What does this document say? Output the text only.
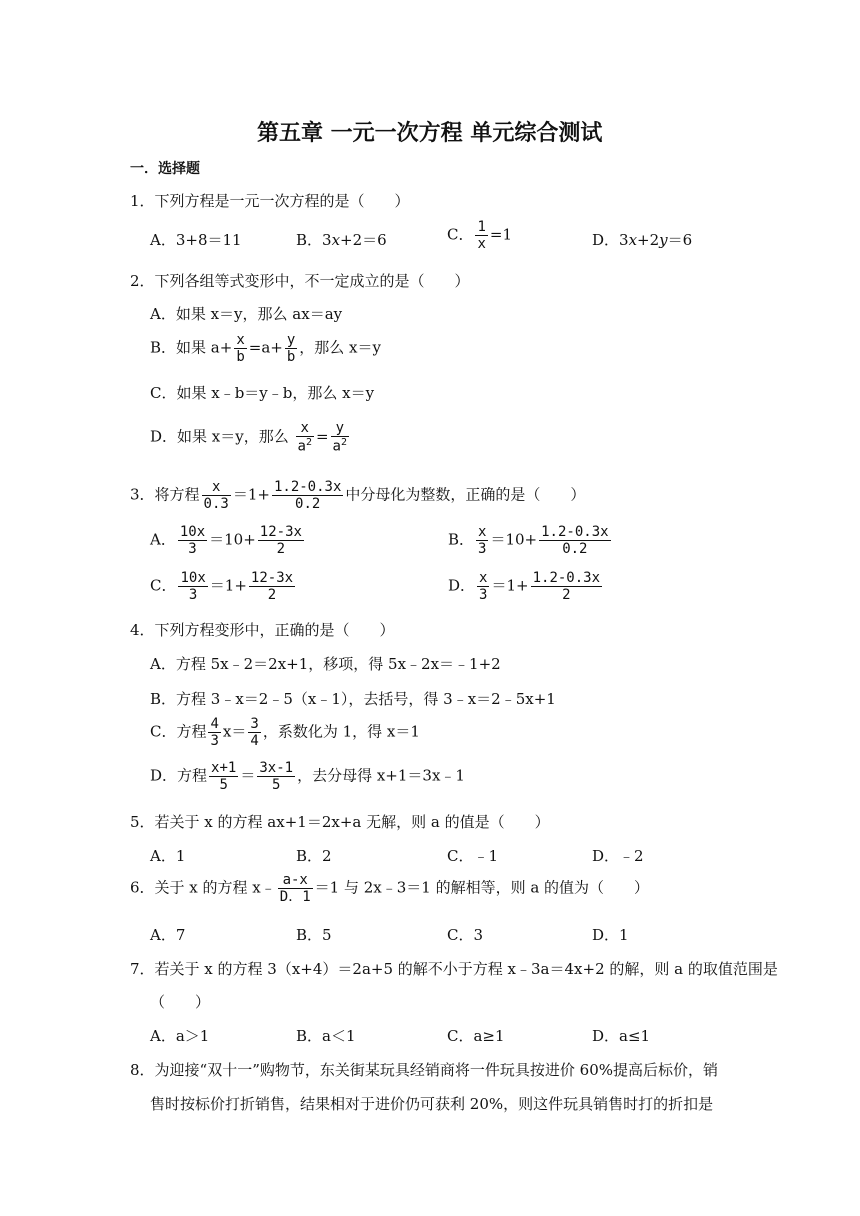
第五章 一元一次方程 单元综合测试
一．选择题
1．下列方程是一元一次方程的是（　　）
A．3+8＝11	B．3x+2＝6	C． $\frac{1}{x} =1$	D．3x+2y＝6
2．下列各组等式变形中，不一定成立的是（　　）
A．如果 x＝y，那么 ax＝ay
B．如果 $a+ \frac{x}{b} =a+ \frac{y}{b}$ ，那么 x＝y
C．如果 x﹣b＝y﹣b，那么 x＝y
D．如果 x＝y，那么 $\frac{x}{a^2} = \frac{y}{a^2}$
3．将方程 $\frac{x}{0.3} =1+ \frac{1.2-0.3x}{0.2}$ 中分母化为整数，正确的是（　　）
A． $\frac{10x}{3} =10+ \frac{12-3x}{2}$	B． $\frac{x}{3} =10+ \frac{1.2-0.3x}{0.2}$
C． $\frac{10x}{3} =1+ \frac{12-3x}{2}$	D． $\frac{x}{3} =1+ \frac{1.2-0.3x}{2}$
4．下列方程变形中，正确的是（　　）
A．方程 5x﹣2＝2x+1，移项，得 5x﹣2x＝﹣1+2
B．方程 3﹣x＝2﹣5（x﹣1），去括号，得 3﹣x＝2﹣5x+1
C．方程 $\frac{4}{3} x= \frac{3}{4}$ ，系数化为 1，得 x＝1
D．方程 $\frac{x+1}{5} = \frac{3x-1}{5}$ ，去分母得 x+1＝3x﹣1
5．若关于 x 的方程 ax+1＝2x+a 无解，则 a 的值是（　　）
A．1	B．2	C．﹣1	D．﹣2
6．关于 x 的方程 x﹣ $\frac{a-x}{D.1} =1$ 与 2x﹣3＝1 的解相等，则 a 的值为（　　）
A．7	B．5	C．3	D．1
7．若关于 x 的方程 3（x+4）＝2a+5 的解不小于方程 x﹣3a＝4x+2 的解，则 a 的取值范围是
（　　）
A．a＞1	B．a＜1	C．a≥1	D．a≤1
8．为迎接“双十一”购物节，东关街某玩具经销商将一件玩具按进价 60%提高后标价，销
售时按标价打折销售，结果相对于进价仍可获利 20%，则这件玩具销售时打的折扣是
